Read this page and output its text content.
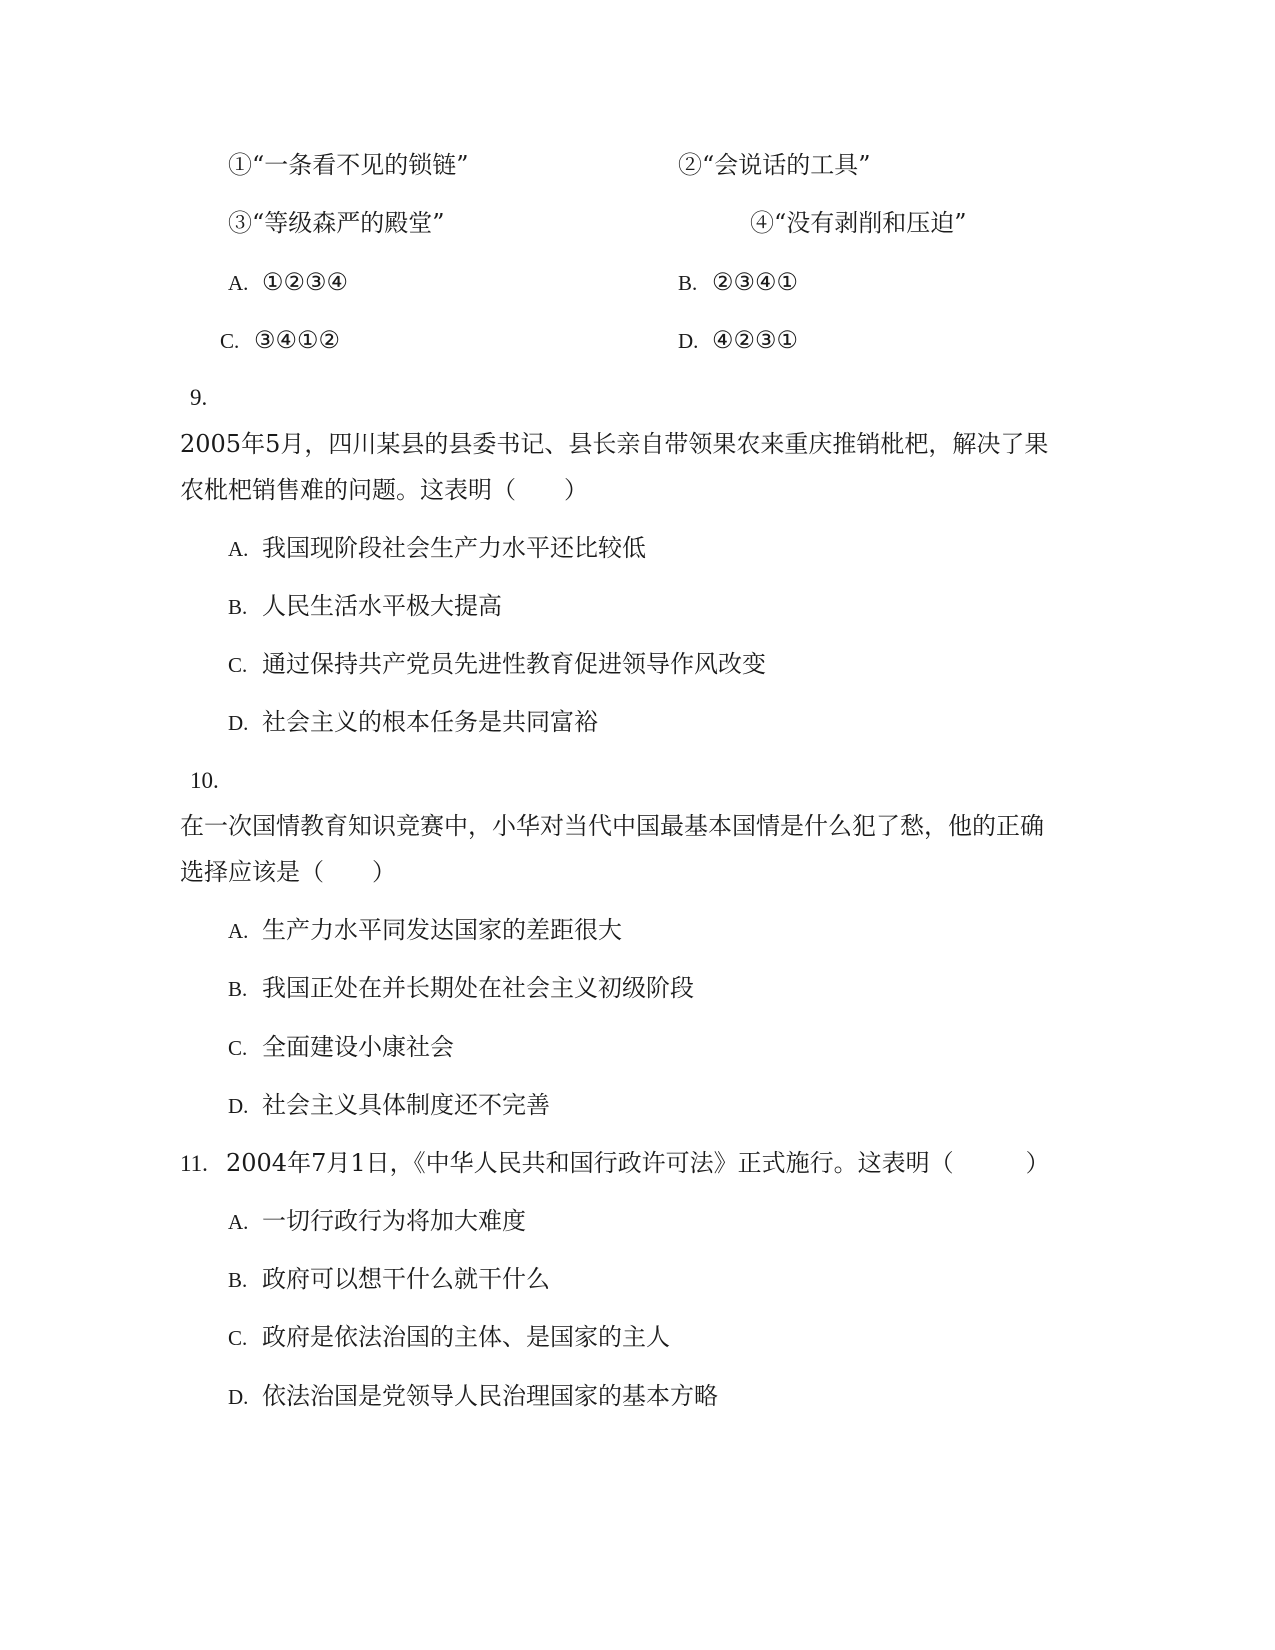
①“一条看不见的锁链”	②“会说话的工具”
③“等级森严的殿堂”	④“没有剥削和压迫”
A. ①②③④	B. ②③④①
C. ③④①②	D. ④②③①
9.
2005年5月，四川某县的县委书记、县长亲自带领果农来重庆推销枇杷，解决了果
农枇杷销售难的问题。这表明（　　）
A. 我国现阶段社会生产力水平还比较低
B. 人民生活水平极大提高
C. 通过保持共产党员先进性教育促进领导作风改变
D. 社会主义的根本任务是共同富裕
10.
在一次国情教育知识竞赛中，小华对当代中国最基本国情是什么犯了愁，他的正确
选择应该是（　　）
A. 生产力水平同发达国家的差距很大
B. 我国正处在并长期处在社会主义初级阶段
C. 全面建设小康社会
D. 社会主义具体制度还不完善
11. 2004年7月1日，《中华人民共和国行政许可法》正式施行。这表明（　　　）
A. 一切行政行为将加大难度
B. 政府可以想干什么就干什么
C. 政府是依法治国的主体、是国家的主人
D. 依法治国是党领导人民治理国家的基本方略
